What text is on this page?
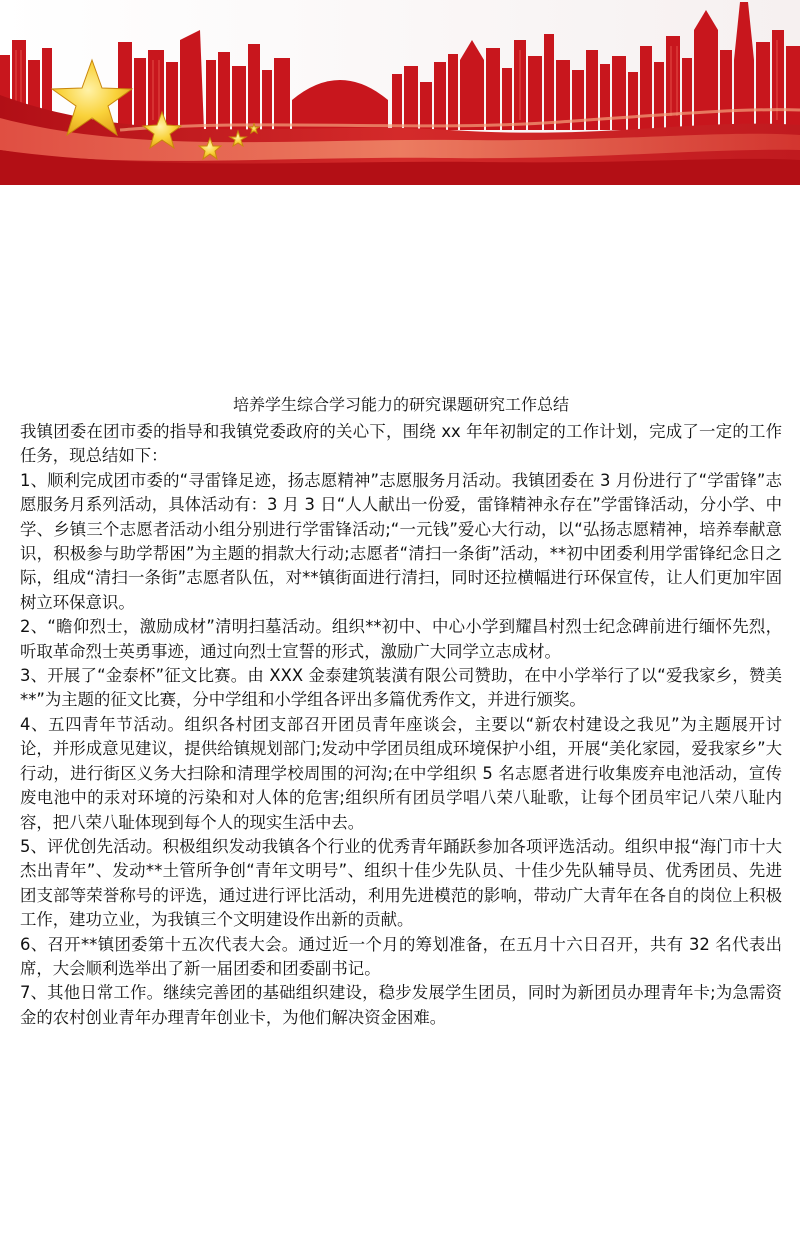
培养学生综合学习能力的研究课题研究工作总结

我镇团委在团市委的指导和我镇党委政府的关心下，围绕 xx 年年初制定的工作计划，完成了一定的工作任务，现总结如下：

1、顺利完成团市委的“寻雷锋足迹，扬志愿精神”志愿服务月活动。我镇团委在 3 月份进行了“学雷锋”志愿服务月系列活动，具体活动有：3 月 3 日“人人献出一份爱，雷锋精神永存在”学雷锋活动，分小学、中学、乡镇三个志愿者活动小组分别进行学雷锋活动;“一元钱”爱心大行动，以“弘扬志愿精神，培养奉献意识，积极参与助学帮困”为主题的捐款大行动;志愿者“清扫一条街”活动，**初中团委利用学雷锋纪念日之际，组成“清扫一条街”志愿者队伍，对**镇街面进行清扫，同时还拉横幅进行环保宣传，让人们更加牢固树立环保意识。

2、“瞻仰烈士，激励成材”清明扫墓活动。组织**初中、中心小学到耀昌村烈士纪念碑前进行缅怀先烈，听取革命烈士英勇事迹，通过向烈士宣誓的形式，激励广大同学立志成材。

3、开展了“金泰杯”征文比赛。由 XXX 金泰建筑装潢有限公司赞助，在中小学举行了以“爱我家乡，赞美**”为主题的征文比赛，分中学组和小学组各评出多篇优秀作文，并进行颁奖。

4、五四青年节活动。组织各村团支部召开团员青年座谈会，主要以“新农村建设之我见”为主题展开讨论，并形成意见建议，提供给镇规划部门;发动中学团员组成环境保护小组，开展“美化家园，爱我家乡”大行动，进行街区义务大扫除和清理学校周围的河沟;在中学组织 5 名志愿者进行收集废弃电池活动，宣传废电池中的汞对环境的污染和对人体的危害;组织所有团员学唱八荣八耻歌，让每个团员牢记八荣八耻内容，把八荣八耻体现到每个人的现实生活中去。

5、评优创先活动。积极组织发动我镇各个行业的优秀青年踊跃参加各项评选活动。组织申报“海门市十大杰出青年”、发动**土管所争创“青年文明号”、组织十佳少先队员、十佳少先队辅导员、优秀团员、先进团支部等荣誉称号的评选，通过进行评比活动，利用先进模范的影响，带动广大青年在各自的岗位上积极工作，建功立业，为我镇三个文明建设作出新的贡献。

6、召开**镇团委第十五次代表大会。通过近一个月的筹划准备，在五月十六日召开，共有 32 名代表出席，大会顺利选举出了新一届团委和团委副书记。

7、其他日常工作。继续完善团的基础组织建设，稳步发展学生团员，同时为新团员办理青年卡;为急需资金的农村创业青年办理青年创业卡，为他们解决资金困难。
